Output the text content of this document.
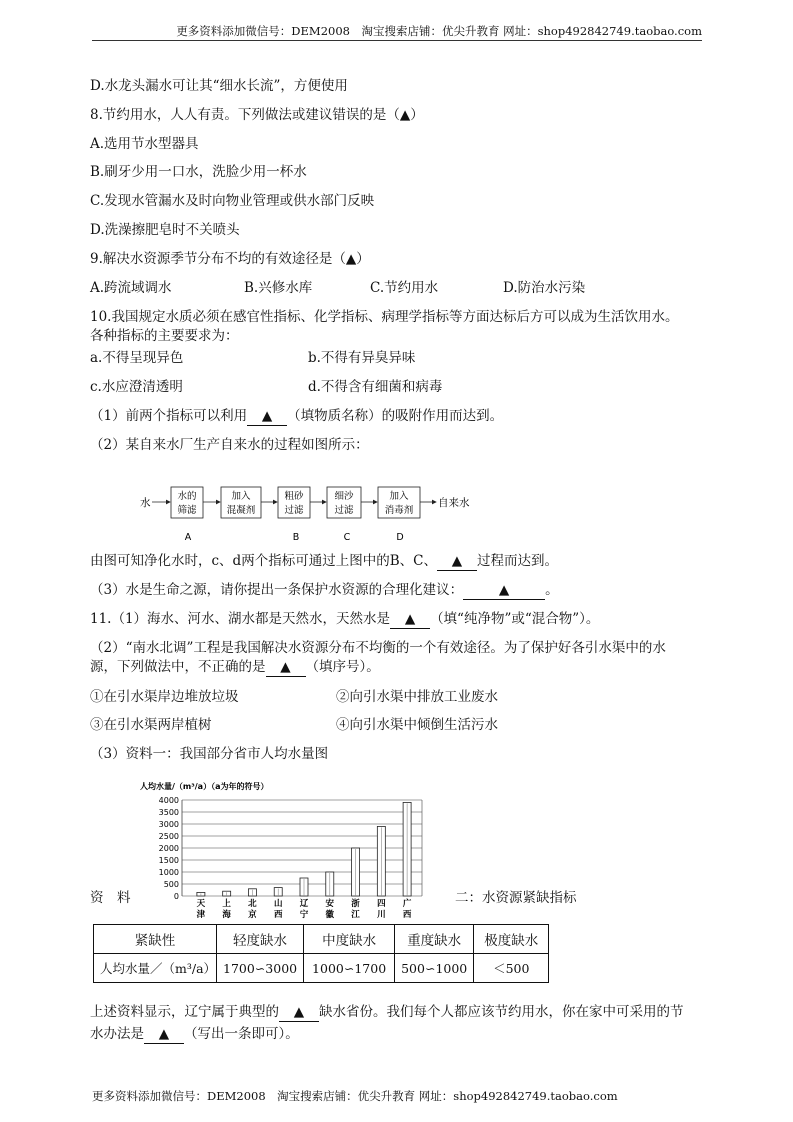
更多资料添加微信号：DEM2008　淘宝搜索店铺：优尖升教育 网址：shop492842749.taobao.com
D.水龙头漏水可让其“细水长流”，方便使用
8.节约用水，人人有责。下列做法或建议错误的是（▲）
A.选用节水型器具
B.刷牙少用一口水，洗脸少用一杯水
C.发现水管漏水及时向物业管理或供水部门反映
D.洗澡擦肥皂时不关喷头
9.解决水资源季节分布不均的有效途径是（▲）
A.跨流域调水	B.兴修水库	C.节约用水	D.防治水污染
10.我国规定水质必须在感官性指标、化学指标、病理学指标等方面达标后方可以成为生活饮用水。
各种指标的主要要求为：
a.不得呈现异色	b.不得有异臭异味
c.水应澄清透明	d.不得含有细菌和病毒
（1）前两个指标可以利用 ▲ （填物质名称）的吸附作用而达到。
（2）某自来水厂生产自来水的过程如图所示：
水
水的
筛滤
加入
混凝剂
粗砂
过滤
细沙
过滤
加入
消毒剂
自来水
A	B	C	D
由图可知净化水时，c、d两个指标可通过上图中的B、C、 ▲ 过程而达到。
（3）水是生命之源，请你提出一条保护水资源的合理化建议：	▲	。
11.（1）海水、河水、湖水都是天然水，天然水是 ▲ （填“纯净物”或“混合物”）。
（2）“南水北调”工程是我国解决水资源分布不均衡的一个有效途径。为了保护好各引水渠中的水
源，下列做法中，不正确的是 ▲ （填序号）。
①在引水渠岸边堆放垃圾	②向引水渠中排放工业废水
③在引水渠两岸植树	④向引水渠中倾倒生活污水
（3）资料一：我国部分省市人均水量图
人均水量/（m³/a）（a为年的符号）
0
500
1000
1500
2000
2500
3000
3500
4000
天
津
上
海
北
京
山
西
辽
宁
安
徽
浙
江
四
川
广
西
资　料	二：水资源紧缺指标
紧缺性	轻度缺水	中度缺水	重度缺水	极度缺水
人均水量／（m³/a）	1700∽3000	1000∽1700	500∽1000	＜500
上述资料显示，辽宁属于典型的 ▲ 缺水省份。我们每个人都应该节约用水，你在家中可采用的节
水办法是 ▲ （写出一条即可）。
更多资料添加微信号：DEM2008　淘宝搜索店铺：优尖升教育 网址：shop492842749.taobao.com
